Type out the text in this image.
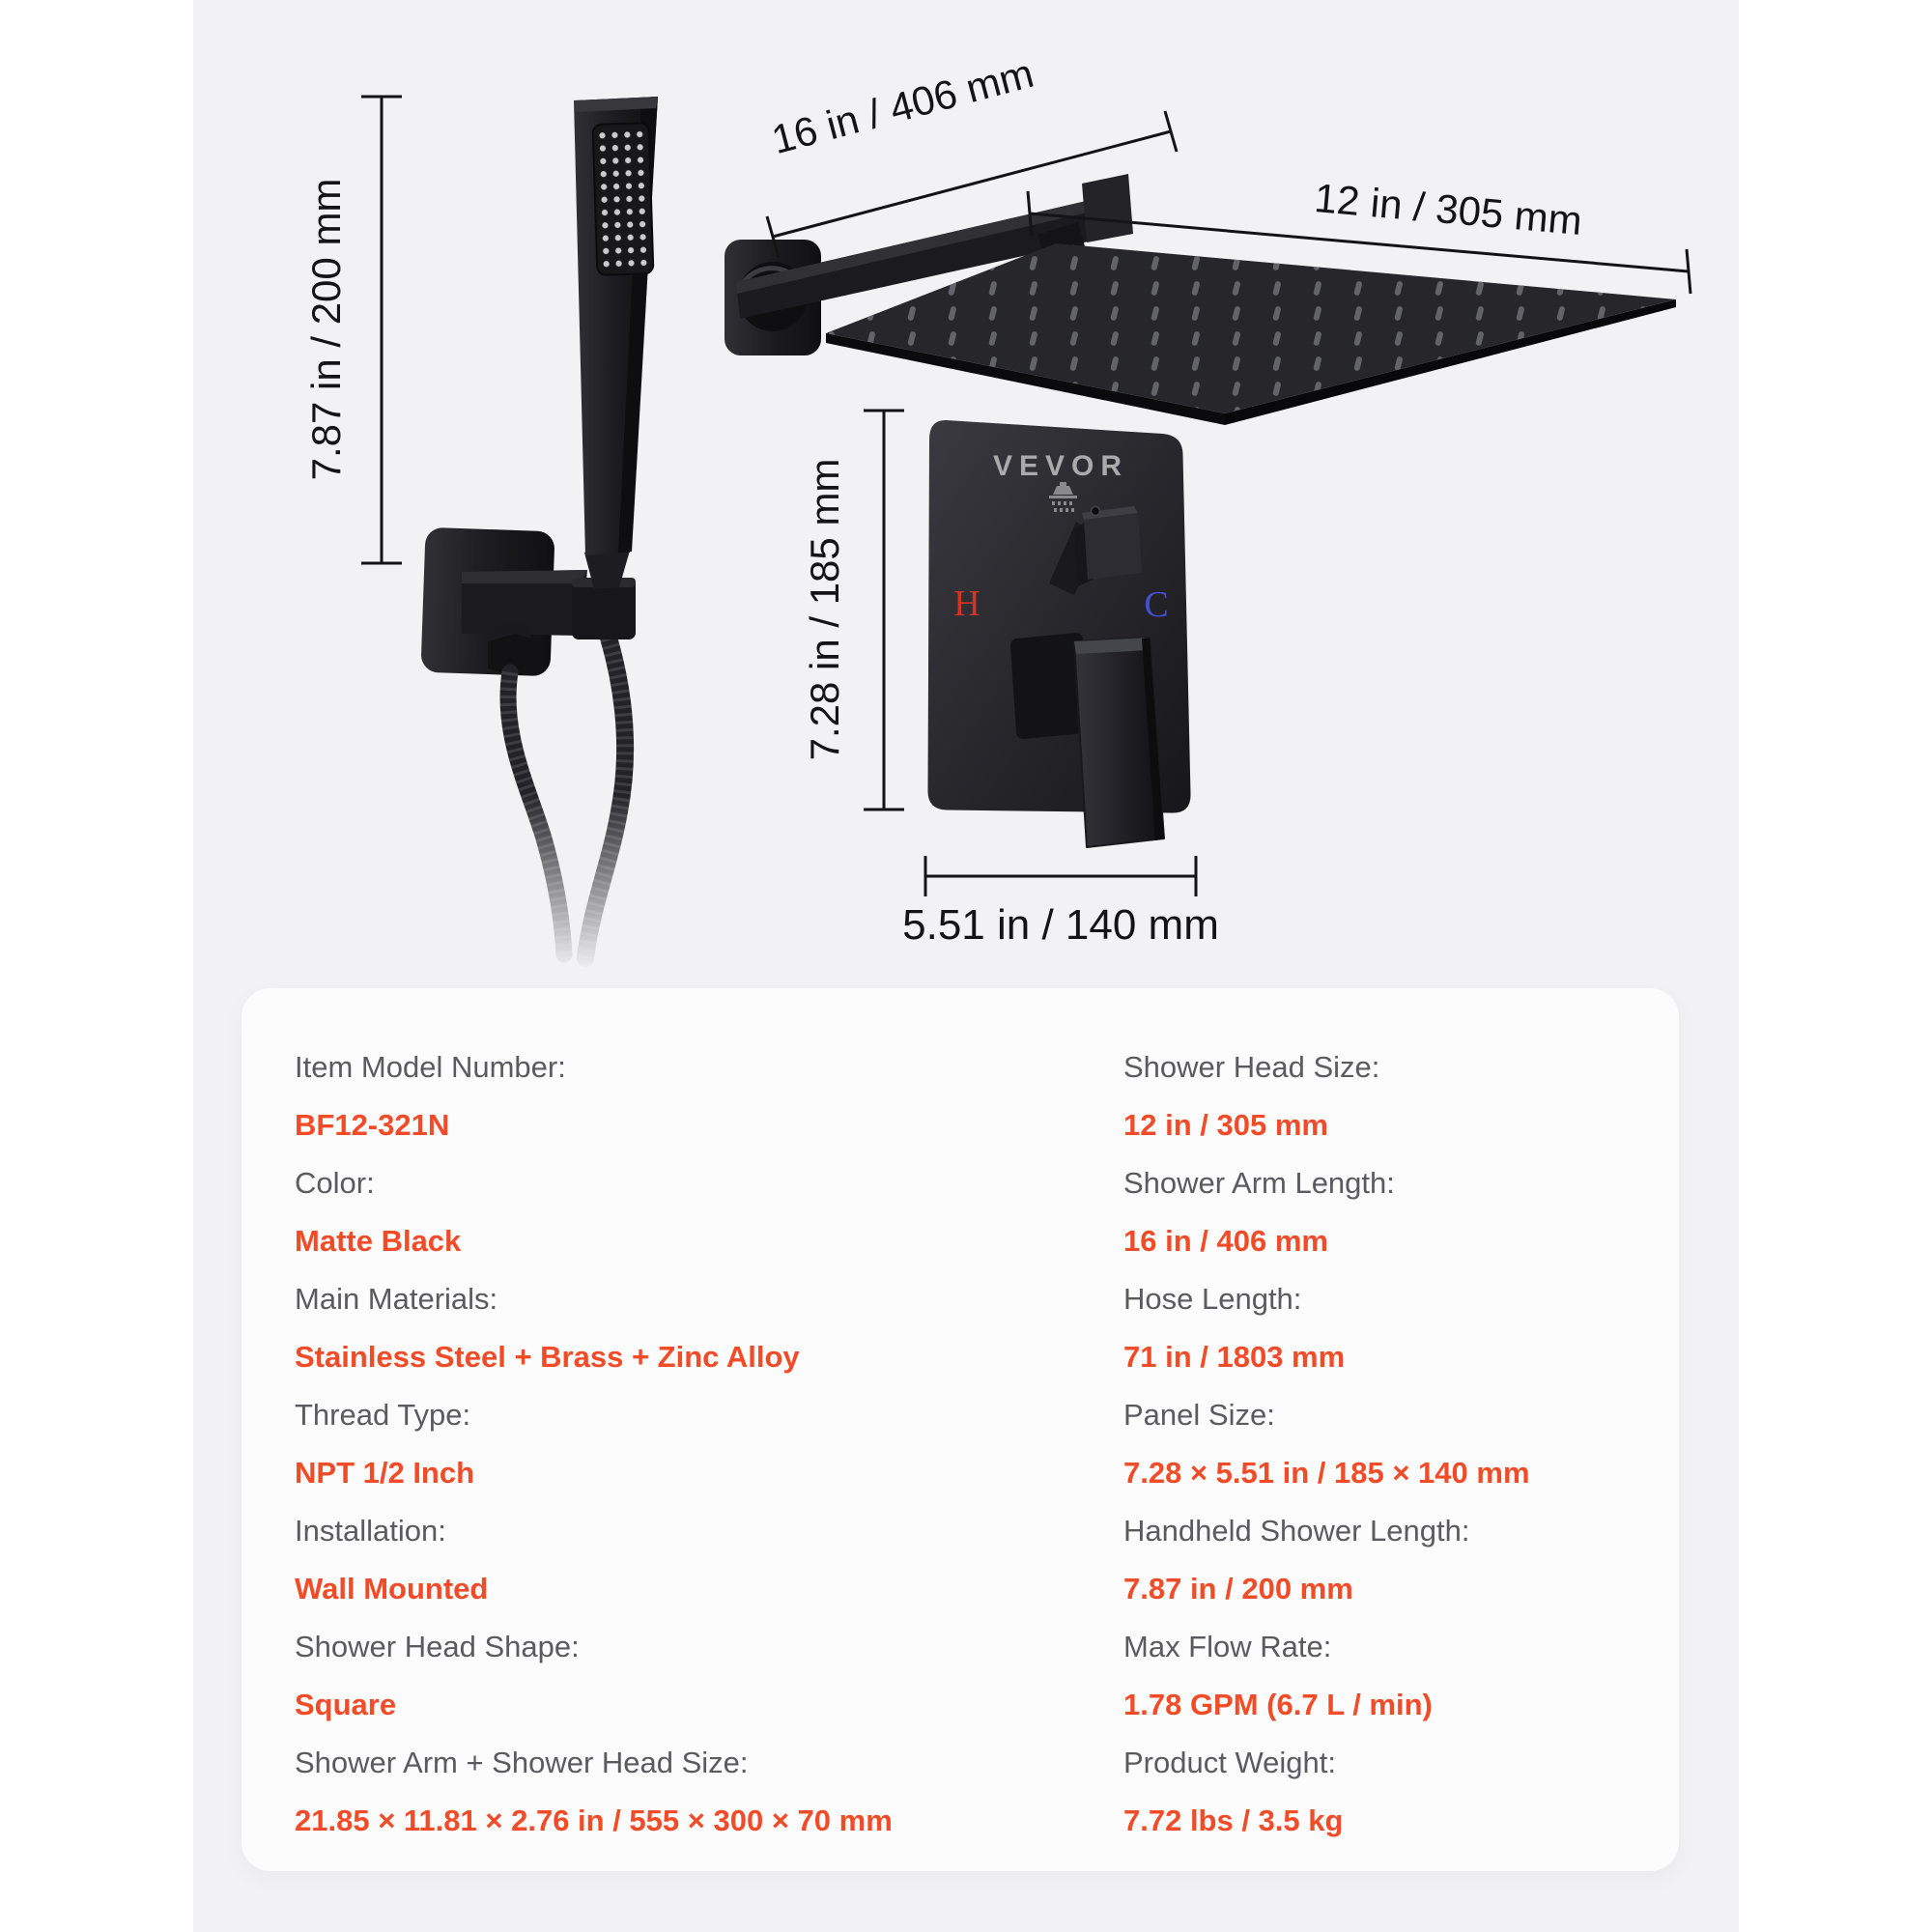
7.87 in / 200 mm
16 in / 406 mm
12 in / 305 mm
VEVOR
H	C
7.28 in / 185 mm
5.51 in / 140 mm
Item Model Number:
BF12-321N
Color:
Matte Black
Main Materials:
Stainless Steel + Brass + Zinc Alloy
Thread Type:
NPT 1/2 Inch
Installation:
Wall Mounted
Shower Head Shape:
Square
Shower Arm + Shower Head Size:
21.85 × 11.81 × 2.76 in / 555 × 300 × 70 mm
Shower Head Size:
12 in / 305 mm
Shower Arm Length:
16 in / 406 mm
Hose Length:
71 in / 1803 mm
Panel Size:
7.28 × 5.51 in / 185 × 140 mm
Handheld Shower Length:
7.87 in / 200 mm
Max Flow Rate:
1.78 GPM (6.7 L / min)
Product Weight:
7.72 lbs / 3.5 kg
